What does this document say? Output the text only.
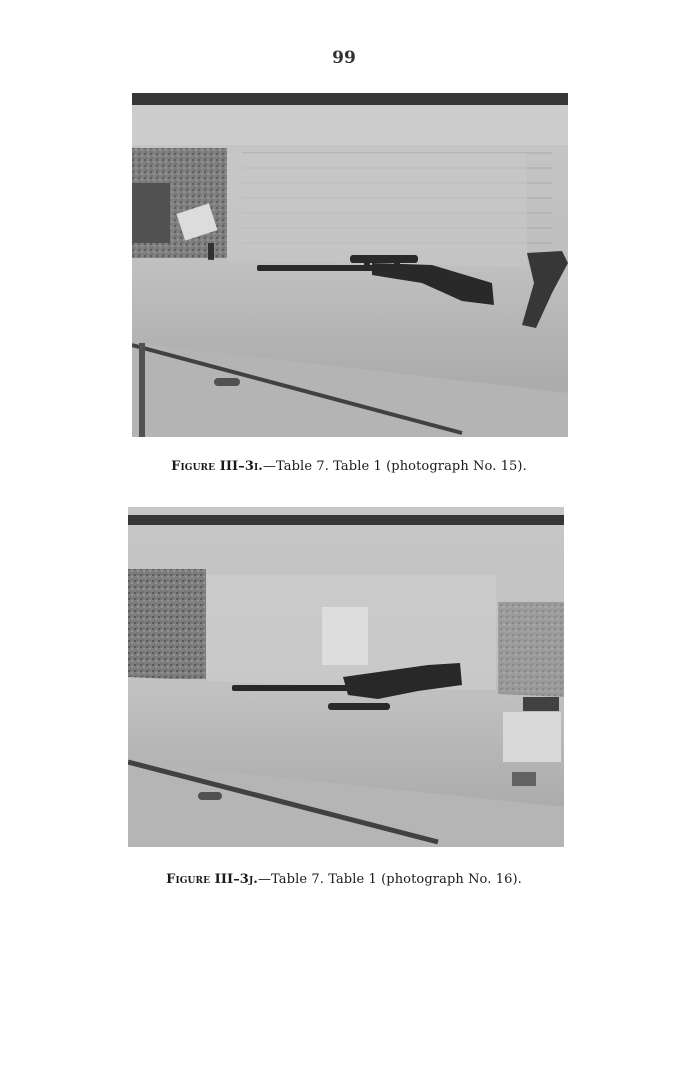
99
Figure III–3i.—Table 7. Table 1 (photograph No. 15).
Figure III–3j.—Table 7. Table 1 (photograph No. 16).
